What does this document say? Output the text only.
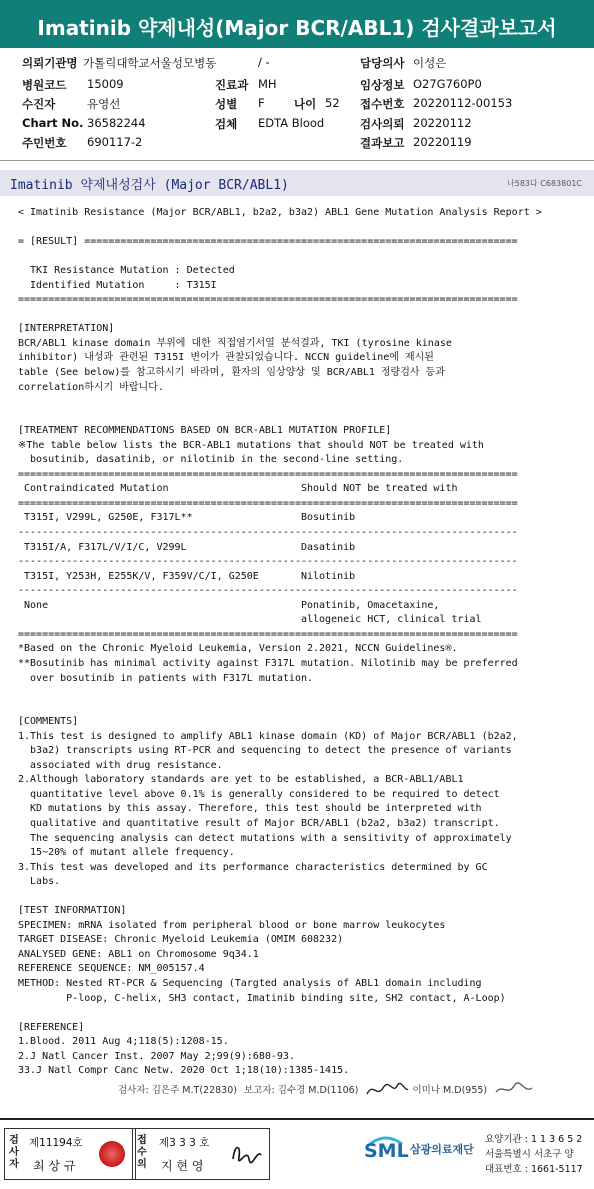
Imatinib 약제내성(Major BCR/ABL1) 검사결과보고서
의뢰기관명 가톨릭대학교서울성모병동	/ -	담당의사 이성은
병원코드 15009	진료과 MH	임상정보 O27G760P0
수진자	유영선	성별 F	나이 52 접수번호 20220112-00153
Chart No. 36582244	검체 EDTA Blood	검사의뢰 20220112
주민번호 690117-2	결과보고 20220119
Imatinib 약제내성검사 (Major BCR/ABL1)	나583다 C683801C
< Imatinib Resistance (Major BCR/ABL1, b2a2, b3a2) ABL1 Gene Mutation Analysis Report >

= [RESULT] ========================================================================

TKI Resistance Mutation : Detected
Identified Mutation     : T315I
===================================================================================

[INTERPRETATION]
BCR/ABL1 kinase domain 부위에 대한 직접염기서열 분석결과, TKI (tyrosine kinase
inhibitor) 내성과 관련된 T315I 변이가 관찰되었습니다. NCCN guideline에 제시된
table (See below)를 참고하시기 바라며, 환자의 임상양상 및 BCR/ABL1 정량검사 등과
correlation하시기 바랍니다.

[TREATMENT RECOMMENDATIONS BASED ON BCR-ABL1 MUTATION PROFILE]
※The table below lists the BCR-ABL1 mutations that should NOT be treated with
bosutinib, dasatinib, or nilotinib in the second-line setting.
===================================================================================
Contraindicated Mutation                      Should NOT be treated with
===================================================================================
T315I, V299L, G250E, F317L**                  Bosutinib
-----------------------------------------------------------------------------------
T315I/A, F317L/V/I/C, V299L                   Dasatinib
-----------------------------------------------------------------------------------
T315I, Y253H, E255K/V, F359V/C/I, G250E       Nilotinib
-----------------------------------------------------------------------------------
None                                          Ponatinib, Omacetaxine,
allogeneic HCT, clinical trial
===================================================================================
*Based on the Chronic Myeloid Leukemia, Version 2.2021, NCCN Guidelines®.
**Bosutinib has minimal activity against F317L mutation. Nilotinib may be preferred
over bosutinib in patients with F317L mutation.

[COMMENTS]
1.This test is designed to amplify ABL1 kinase domain (KD) of Major BCR/ABL1 (b2a2,
b3a2) transcripts using RT-PCR and sequencing to detect the presence of variants
associated with drug resistance.
2.Although laboratory standards are yet to be established, a BCR-ABL1/ABL1
quantitative level above 0.1% is generally considered to be required to detect
KD mutations by this assay. Therefore, this test should be interpreted with
qualitative and quantitative result of Major BCR/ABL1 (b2a2, b3a2) transcript.
The sequencing analysis can detect mutations with a sensitivity of approximately
15~20% of mutant allele frequency.
3.This test was developed and its performance characteristics determined by GC
Labs.

[TEST INFORMATION]
SPECIMEN: mRNA isolated from peripheral blood or bone marrow leukocytes
TARGET DISEASE: Chronic Myeloid Leukemia (OMIM 608232)
ANALYSED GENE: ABL1 on Chromosome 9q34.1
REFERENCE SEQUENCE: NM_005157.4
METHOD: Nested RT-PCR & Sequencing (Targted analysis of ABL1 domain including
P-loop, C-helix, SH3 contact, Imatinib binding site, SH2 contact, A-Loop)

[REFERENCE]
1.Blood. 2011 Aug 4;118(5):1208-15.
2.J Natl Cancer Inst. 2007 May 2;99(9):680-93.
33.J Natl Compr Canc Netw. 2020 Oct 1;18(10):1385-1415.
검사자: 김은주 M.T(22830) 보고자: 김수경 M.D(1106)	이미나 M.D(955)
검
사
자
제11194호
최 상 규
접
수
의
제3 3 3 호
지 현 영
SML 삼광의료재단
요양기관 : 1 1 3 6 5 2
서울특별시 서초구 양
대표번호 : 1661-5117
